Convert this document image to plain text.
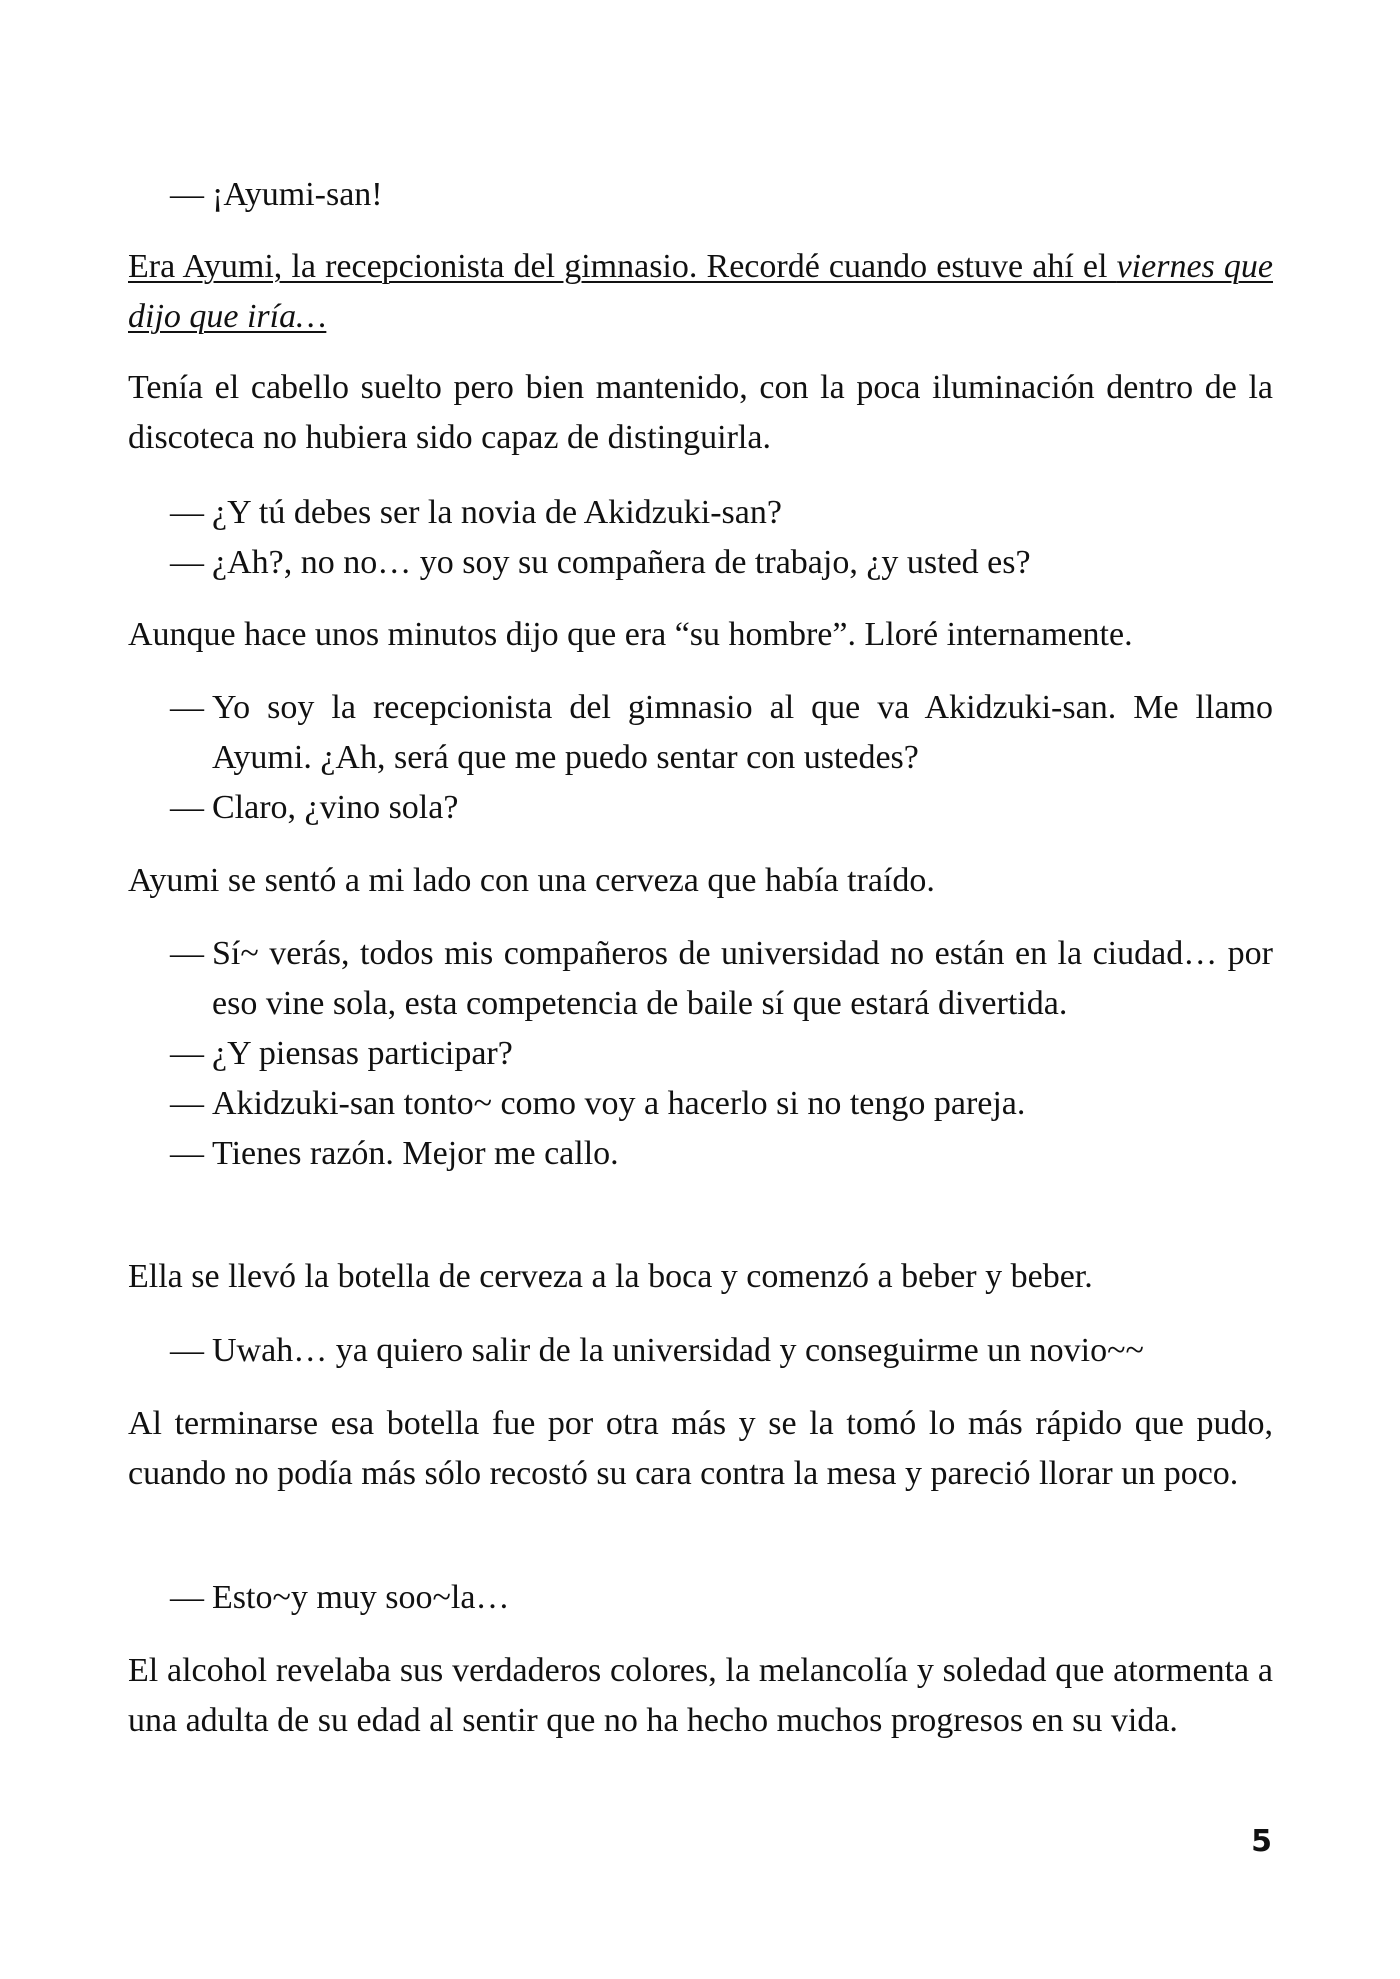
— ¡Ayumi-san!

Era Ayumi, la recepcionista del gimnasio. Recordé cuando estuve ahí el viernes que dijo que iría…

Tenía el cabello suelto pero bien mantenido, con la poca iluminación dentro de la discoteca no hubiera sido capaz de distinguirla.

— ¿Y tú debes ser la novia de Akidzuki-san?
— ¿Ah?, no no… yo soy su compañera de trabajo, ¿y usted es?

Aunque hace unos minutos dijo que era “su hombre”. Lloré internamente.

— Yo soy la recepcionista del gimnasio al que va Akidzuki-san. Me llamo Ayumi. ¿Ah, será que me puedo sentar con ustedes?
— Claro, ¿vino sola?

Ayumi se sentó a mi lado con una cerveza que había traído.

— Sí~ verás, todos mis compañeros de universidad no están en la ciudad… por eso vine sola, esta competencia de baile sí que estará divertida.
— ¿Y piensas participar?
— Akidzuki-san tonto~ como voy a hacerlo si no tengo pareja.
— Tienes razón. Mejor me callo.

Ella se llevó la botella de cerveza a la boca y comenzó a beber y beber.

— Uwah… ya quiero salir de la universidad y conseguirme un novio~~

Al terminarse esa botella fue por otra más y se la tomó lo más rápido que pudo, cuando no podía más sólo recostó su cara contra la mesa y pareció llorar un poco.

— Esto~y muy soo~la…

El alcohol revelaba sus verdaderos colores, la melancolía y soledad que atormenta a una adulta de su edad al sentir que no ha hecho muchos progresos en su vida.

5
